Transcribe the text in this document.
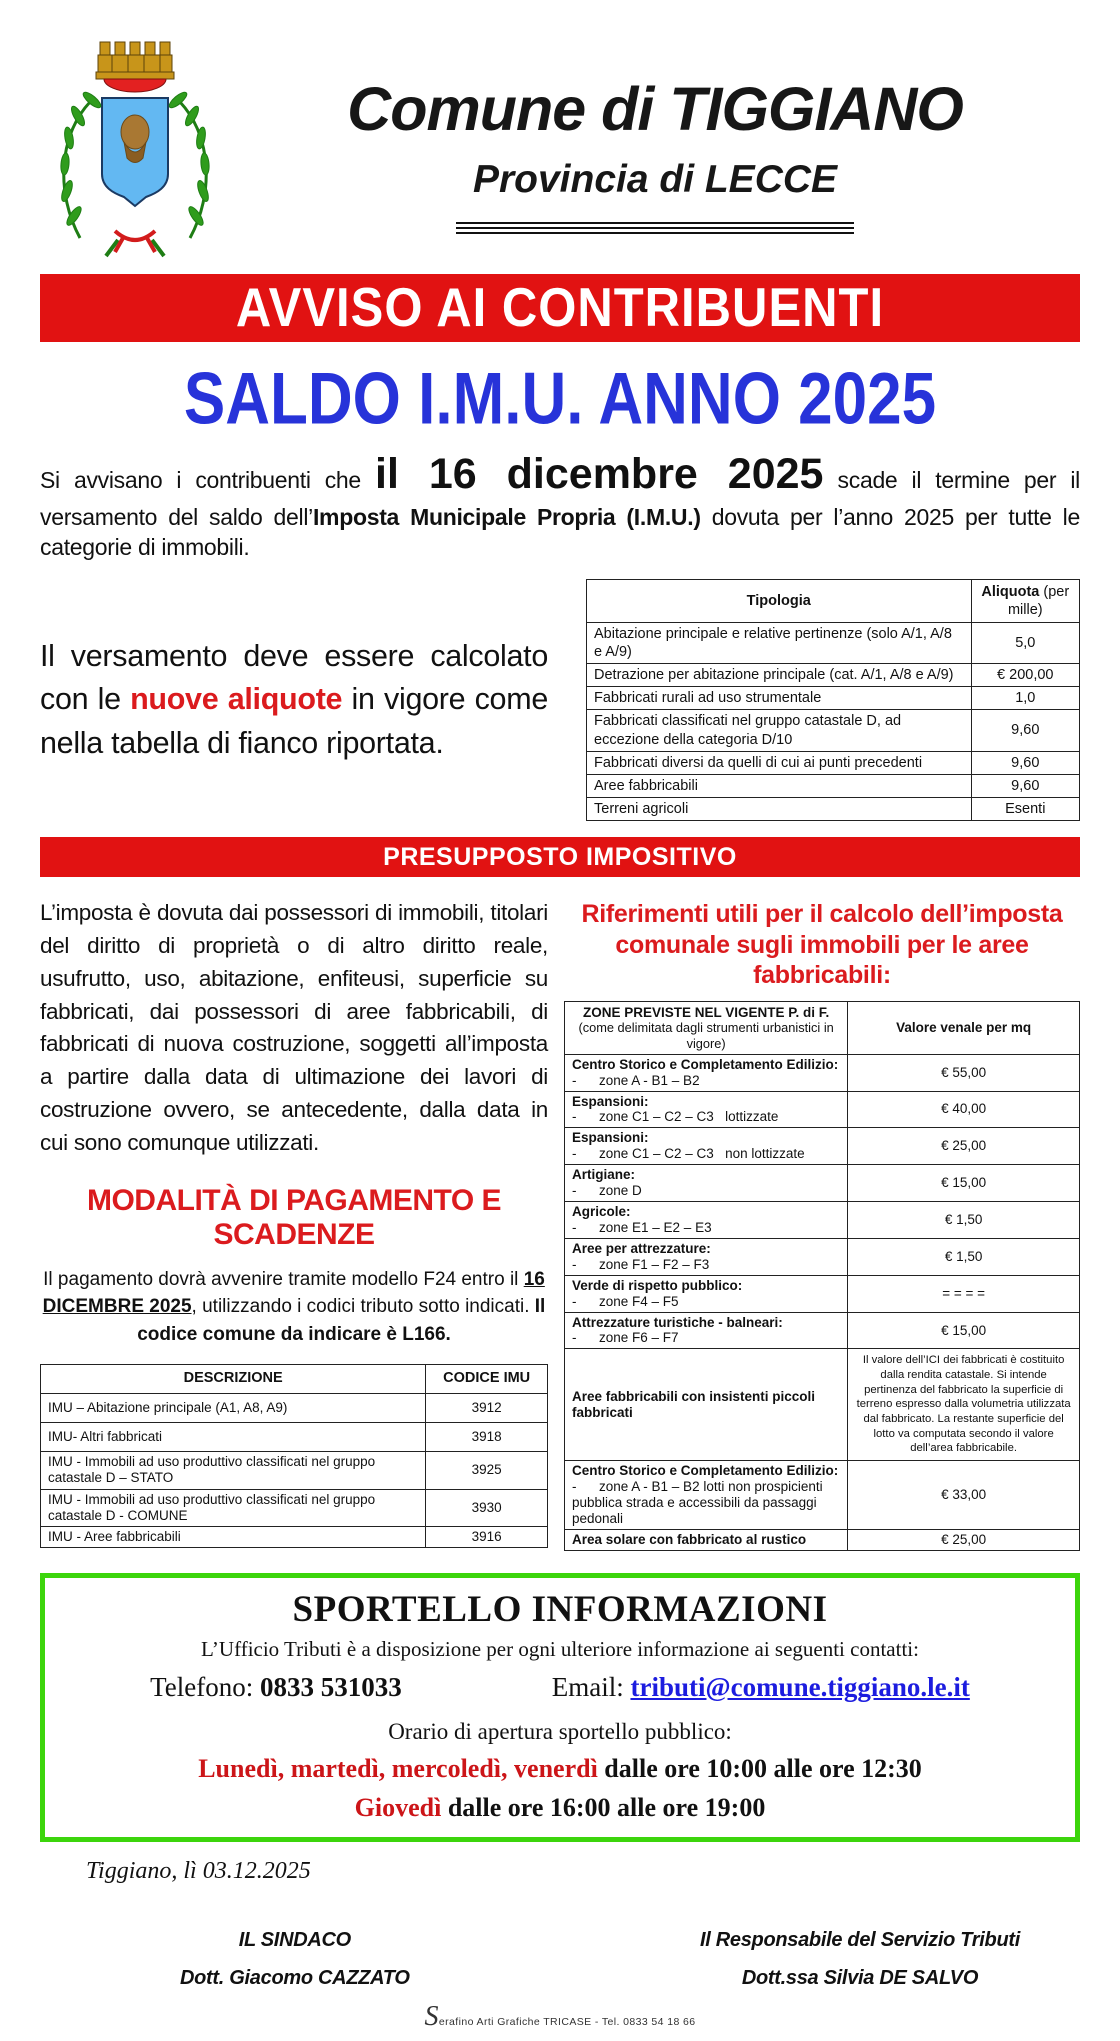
Comune di TIGGIANO
Provincia di LECCE
AVVISO AI CONTRIBUENTI
SALDO I.M.U. ANNO 2025
Si avvisano i contribuenti che il 16 dicembre 2025 scade il termine per il versamento del saldo dell’Imposta Municipale Propria (I.M.U.) dovuta per l’anno 2025 per tutte le categorie di immobili.
Il versamento deve essere calcolato con le nuove aliquote in vigore come nella tabella di fianco riportata.
Tipologia	Aliquota (per mille)
Abitazione principale e relative pertinenze (solo A/1, A/8 e A/9)	5,0
Detrazione per abitazione principale (cat. A/1, A/8 e A/9)	€ 200,00
Fabbricati rurali ad uso strumentale	1,0
Fabbricati classificati nel gruppo catastale D, ad eccezione della categoria D/10	9,60
Fabbricati diversi da quelli di cui ai punti precedenti	9,60
Aree fabbricabili	9,60
Terreni agricoli	Esenti
PRESUPPOSTO IMPOSITIVO
L’imposta è dovuta dai possessori di immobili, titolari del diritto di proprietà o di altro diritto reale, usufrutto, uso, abitazione, enfiteusi, superficie su fabbricati, dai possessori di aree fabbricabili, di fabbricati di nuova costruzione, soggetti all’imposta a partire dalla data di ultimazione dei lavori di costruzione ovvero, se antecedente, dalla data in cui sono comunque utilizzati.
MODALITÀ DI PAGAMENTO E SCADENZE
Il pagamento dovrà avvenire tramite modello F24 entro il 16 DICEMBRE 2025, utilizzando i codici tributo sotto indicati. Il codice comune da indicare è L166.
DESCRIZIONE	CODICE IMU
IMU – Abitazione principale (A1, A8, A9)	3912
IMU- Altri fabbricati	3918
IMU - Immobili ad uso produttivo classificati nel gruppo catastale D – STATO	3925
IMU - Immobili ad uso produttivo classificati nel gruppo catastale D - COMUNE	3930
IMU - Aree fabbricabili	3916
Riferimenti utili per il calcolo dell’imposta comunale sugli immobili per le aree fabbricabili:
ZONE PREVISTE NEL VIGENTE P. di F.
(come delimitata dagli strumenti urbanistici in vigore)	Valore venale per mq

Centro Storico e Completamento Edilizio:
-      zone A - B1 – B2	€ 55,00

Espansioni:
-      zone C1 – C2 – C3   lottizzate	€ 40,00

Espansioni:
-      zone C1 – C2 – C3   non lottizzate	€ 25,00

Artigiane:
-      zone D	€ 15,00

Agricole:
-      zone E1 – E2 – E3	€ 1,50

Aree per attrezzature:
-      zone F1 – F2 – F3	€ 1,50

Verde di rispetto pubblico:
-      zone F4 – F5	= = = =

Attrezzature turistiche - balneari:
-      zone F6 – F7	€ 15,00

Aree fabbricabili con insistenti piccoli fabbricati	Il valore dell’ICI dei fabbricati è costituito dalla rendita catastale. Si intende pertinenza del fabbricato la superficie di terreno espresso dalla volumetria utilizzata dal fabbricato. La restante superficie del lotto va computata secondo il valore dell’area fabbricabile.

Centro Storico e Completamento Edilizio:
-      zone A - B1 – B2 lotti non prospicienti pubblica strada e accessibili da passaggi pedonali	€ 33,00

Area solare con fabbricato al rustico	€ 25,00
SPORTELLO INFORMAZIONI
L’Ufficio Tributi è a disposizione per ogni ulteriore informazione ai seguenti contatti:
Telefono: 0833 531033	Email: tributi@comune.tiggiano.le.it
Orario di apertura sportello pubblico:
Lunedì, martedì, mercoledì, venerdì dalle ore 10:00 alle ore 12:30
Giovedì dalle ore 16:00 alle ore 19:00
Tiggiano, lì 03.12.2025
IL SINDACO
Dott. Giacomo CAZZATO
Il Responsabile del Servizio Tributi
Dott.ssa Silvia DE SALVO
Serafino Arti Grafiche TRICASE - Tel. 0833 54 18 66
